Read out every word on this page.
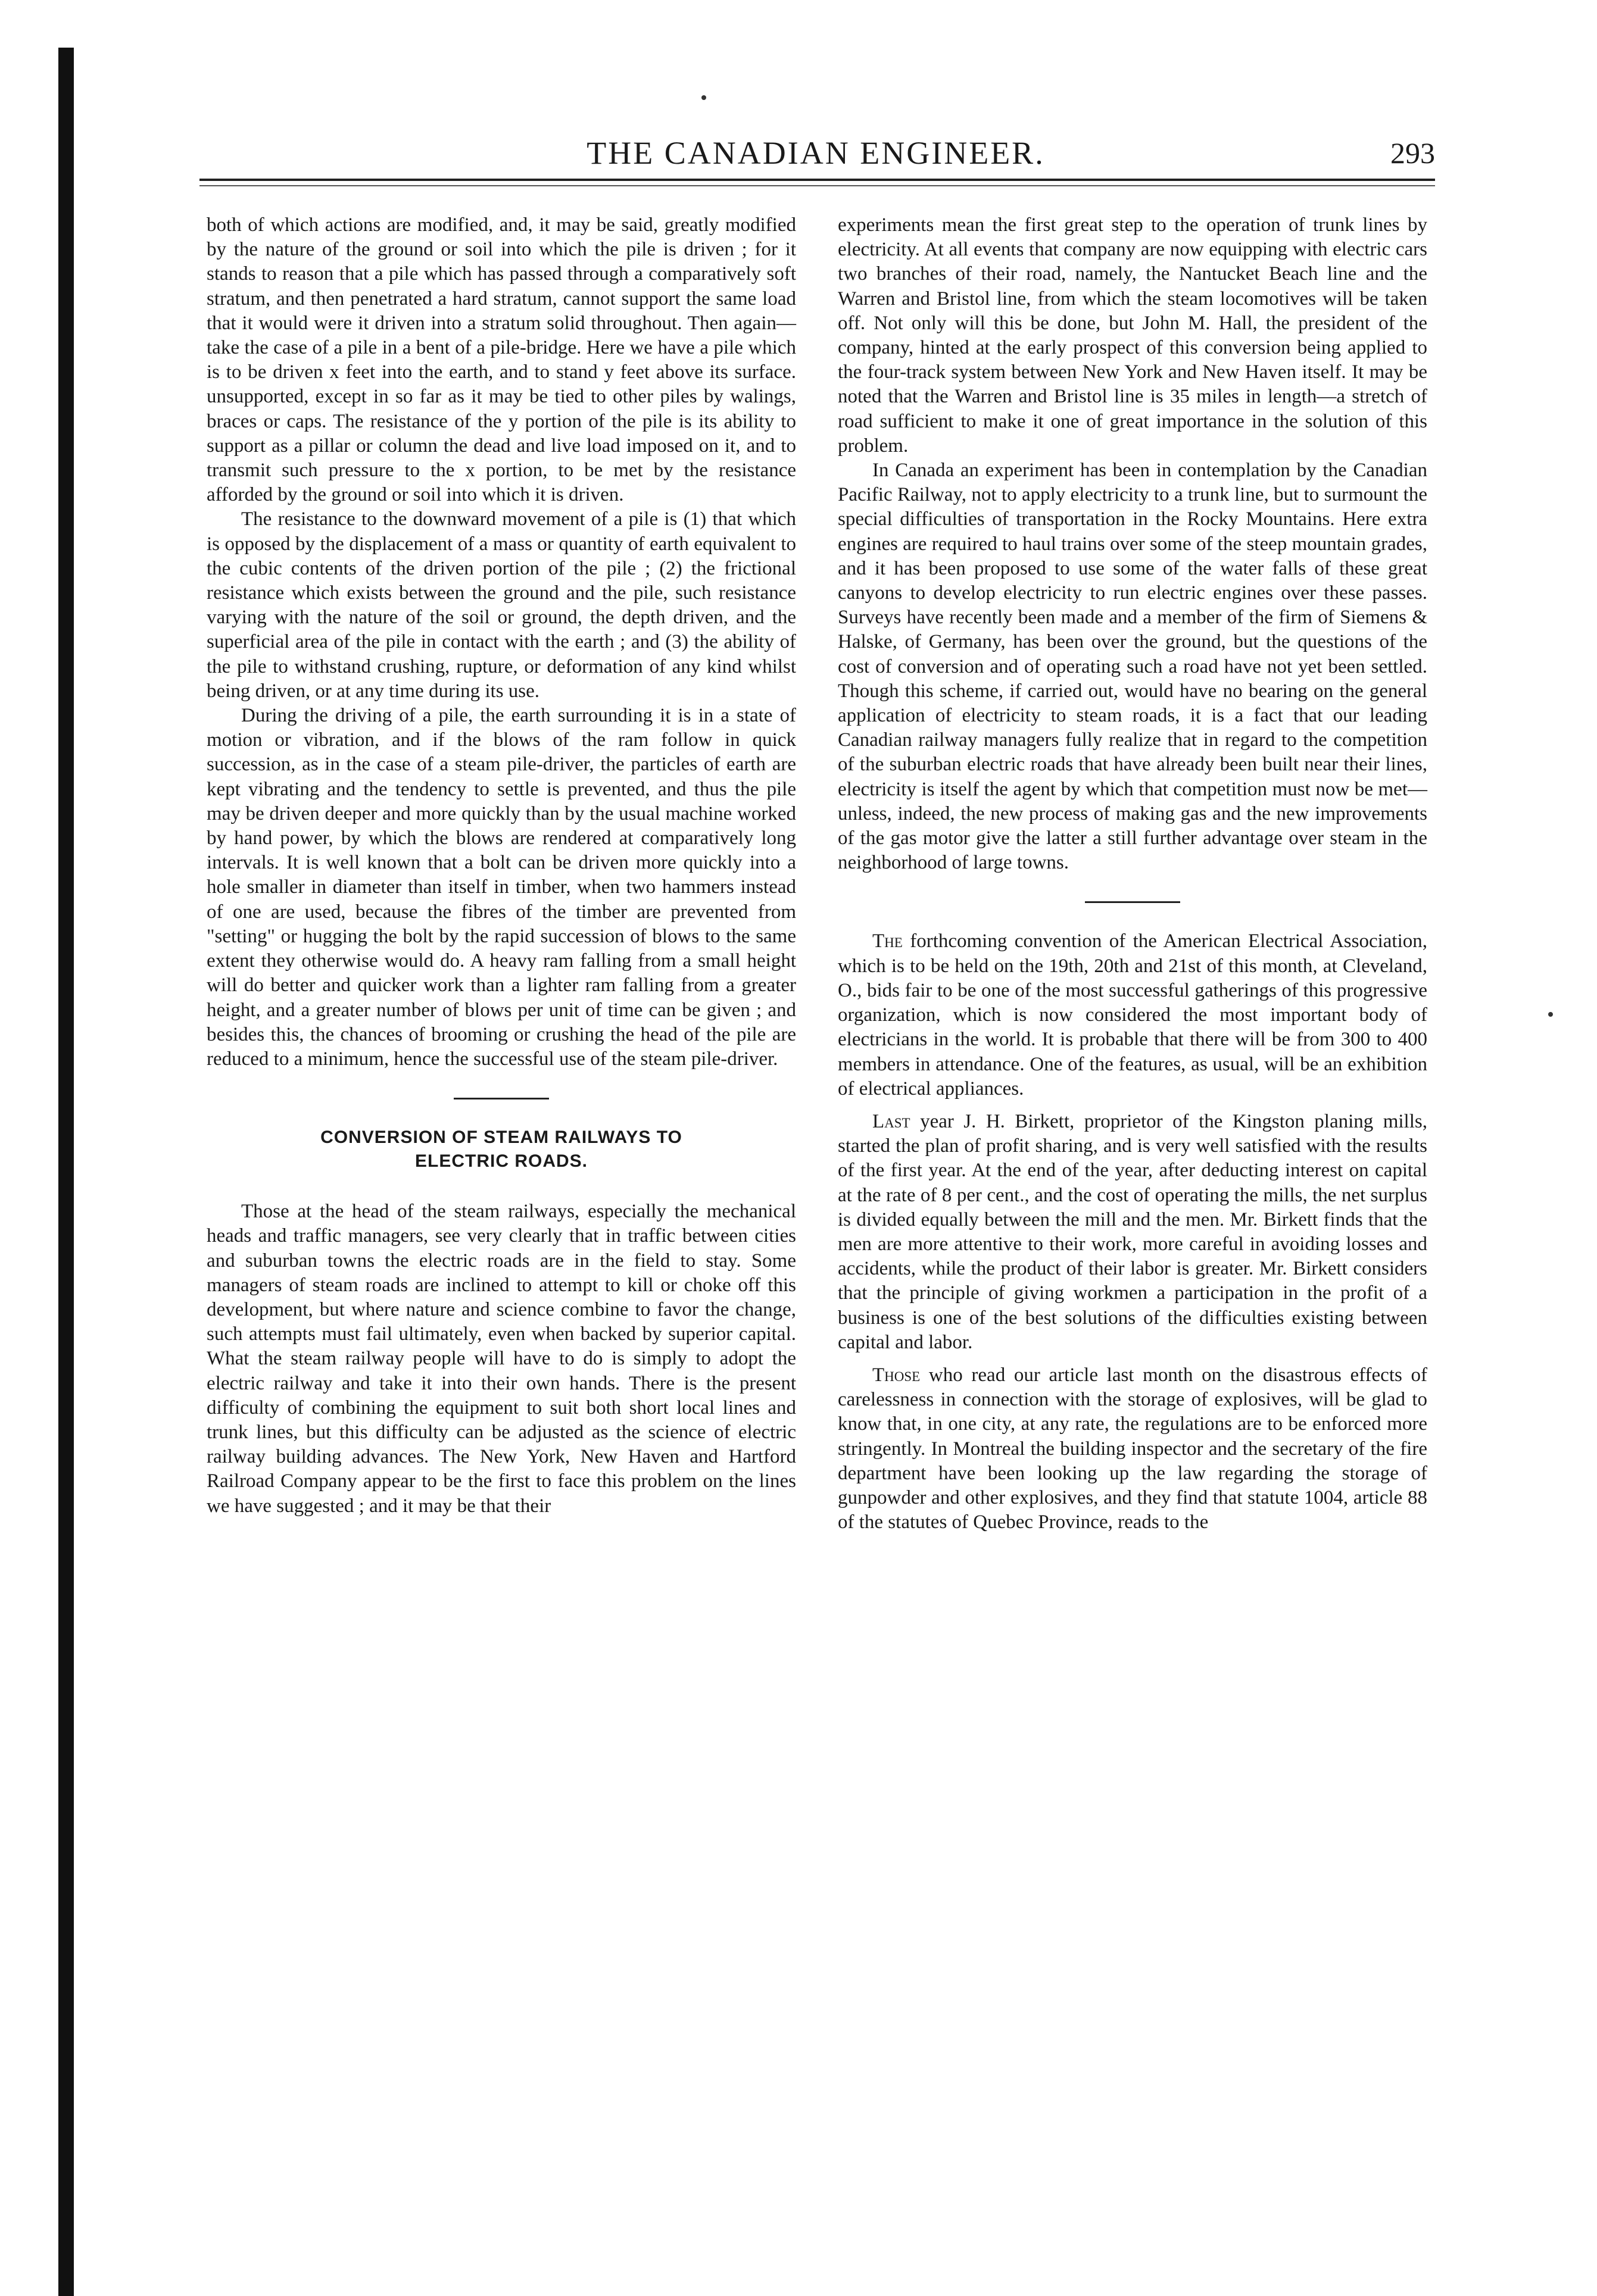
THE CANADIAN ENGINEER.	293

both of which actions are modified, and, it may be said, greatly modified by the nature of the ground or soil into which the pile is driven ; for it stands to reason that a pile which has passed through a comparatively soft stratum, and then penetrated a hard stratum, cannot support the same load that it would were it driven into a stratum solid throughout. Then again—take the case of a pile in a bent of a pile-bridge. Here we have a pile which is to be driven x feet into the earth, and to stand y feet above its surface. unsupported, except in so far as it may be tied to other piles by walings, braces or caps. The resistance of the y portion of the pile is its ability to support as a pillar or column the dead and live load imposed on it, and to transmit such pressure to the x portion, to be met by the resistance afforded by the ground or soil into which it is driven.

The resistance to the downward movement of a pile is (1) that which is opposed by the displacement of a mass or quantity of earth equivalent to the cubic contents of the driven portion of the pile ; (2) the frictional resistance which exists between the ground and the pile, such resistance varying with the nature of the soil or ground, the depth driven, and the superficial area of the pile in contact with the earth ; and (3) the ability of the pile to withstand crushing, rupture, or deformation of any kind whilst being driven, or at any time during its use.

During the driving of a pile, the earth surrounding it is in a state of motion or vibration, and if the blows of the ram follow in quick succession, as in the case of a steam pile-driver, the particles of earth are kept vibrating and the tendency to settle is prevented, and thus the pile may be driven deeper and more quickly than by the usual machine worked by hand power, by which the blows are rendered at comparatively long intervals. It is well known that a bolt can be driven more quickly into a hole smaller in diameter than itself in timber, when two hammers instead of one are used, because the fibres of the timber are prevented from "setting" or hugging the bolt by the rapid succession of blows to the same extent they otherwise would do. A heavy ram falling from a small height will do better and quicker work than a lighter ram falling from a greater height, and a greater number of blows per unit of time can be given ; and besides this, the chances of brooming or crushing the head of the pile are reduced to a minimum, hence the successful use of the steam pile-driver.

CONVERSION OF STEAM RAILWAYS TO
ELECTRIC ROADS.

Those at the head of the steam railways, especially the mechanical heads and traffic managers, see very clearly that in traffic between cities and suburban towns the electric roads are in the field to stay. Some managers of steam roads are inclined to attempt to kill or choke off this development, but where nature and science combine to favor the change, such attempts must fail ultimately, even when backed by superior capital. What the steam railway people will have to do is simply to adopt the electric railway and take it into their own hands. There is the present difficulty of combining the equipment to suit both short local lines and trunk lines, but this difficulty can be adjusted as the science of electric railway building advances. The New York, New Haven and Hartford Railroad Company appear to be the first to face this problem on the lines we have suggested ; and it may be that their

experiments mean the first great step to the operation of trunk lines by electricity. At all events that company are now equipping with electric cars two branches of their road, namely, the Nantucket Beach line and the Warren and Bristol line, from which the steam locomotives will be taken off. Not only will this be done, but John M. Hall, the president of the company, hinted at the early prospect of this conversion being applied to the four-track system between New York and New Haven itself. It may be noted that the Warren and Bristol line is 35 miles in length—a stretch of road sufficient to make it one of great importance in the solution of this problem.

In Canada an experiment has been in contemplation by the Canadian Pacific Railway, not to apply electricity to a trunk line, but to surmount the special difficulties of transportation in the Rocky Mountains. Here extra engines are required to haul trains over some of the steep mountain grades, and it has been proposed to use some of the water falls of these great canyons to develop electricity to run electric engines over these passes. Surveys have recently been made and a member of the firm of Siemens & Halske, of Germany, has been over the ground, but the questions of the cost of conversion and of operating such a road have not yet been settled. Though this scheme, if carried out, would have no bearing on the general application of electricity to steam roads, it is a fact that our leading Canadian railway managers fully realize that in regard to the competition of the suburban electric roads that have already been built near their lines, electricity is itself the agent by which that competition must now be met—unless, indeed, the new process of making gas and the new improvements of the gas motor give the latter a still further advantage over steam in the neighborhood of large towns.

The forthcoming convention of the American Electrical Association, which is to be held on the 19th, 20th and 21st of this month, at Cleveland, O., bids fair to be one of the most successful gatherings of this progressive organization, which is now considered the most important body of electricians in the world. It is probable that there will be from 300 to 400 members in attendance. One of the features, as usual, will be an exhibition of electrical appliances.

Last year J. H. Birkett, proprietor of the Kingston planing mills, started the plan of profit sharing, and is very well satisfied with the results of the first year. At the end of the year, after deducting interest on capital at the rate of 8 per cent., and the cost of operating the mills, the net surplus is divided equally between the mill and the men. Mr. Birkett finds that the men are more attentive to their work, more careful in avoiding losses and accidents, while the product of their labor is greater. Mr. Birkett considers that the principle of giving workmen a participation in the profit of a business is one of the best solutions of the difficulties existing between capital and labor.

Those who read our article last month on the disastrous effects of carelessness in connection with the storage of explosives, will be glad to know that, in one city, at any rate, the regulations are to be enforced more stringently. In Montreal the building inspector and the secretary of the fire department have been looking up the law regarding the storage of gunpowder and other explosives, and they find that statute 1004, article 88 of the statutes of Quebec Province, reads to the
